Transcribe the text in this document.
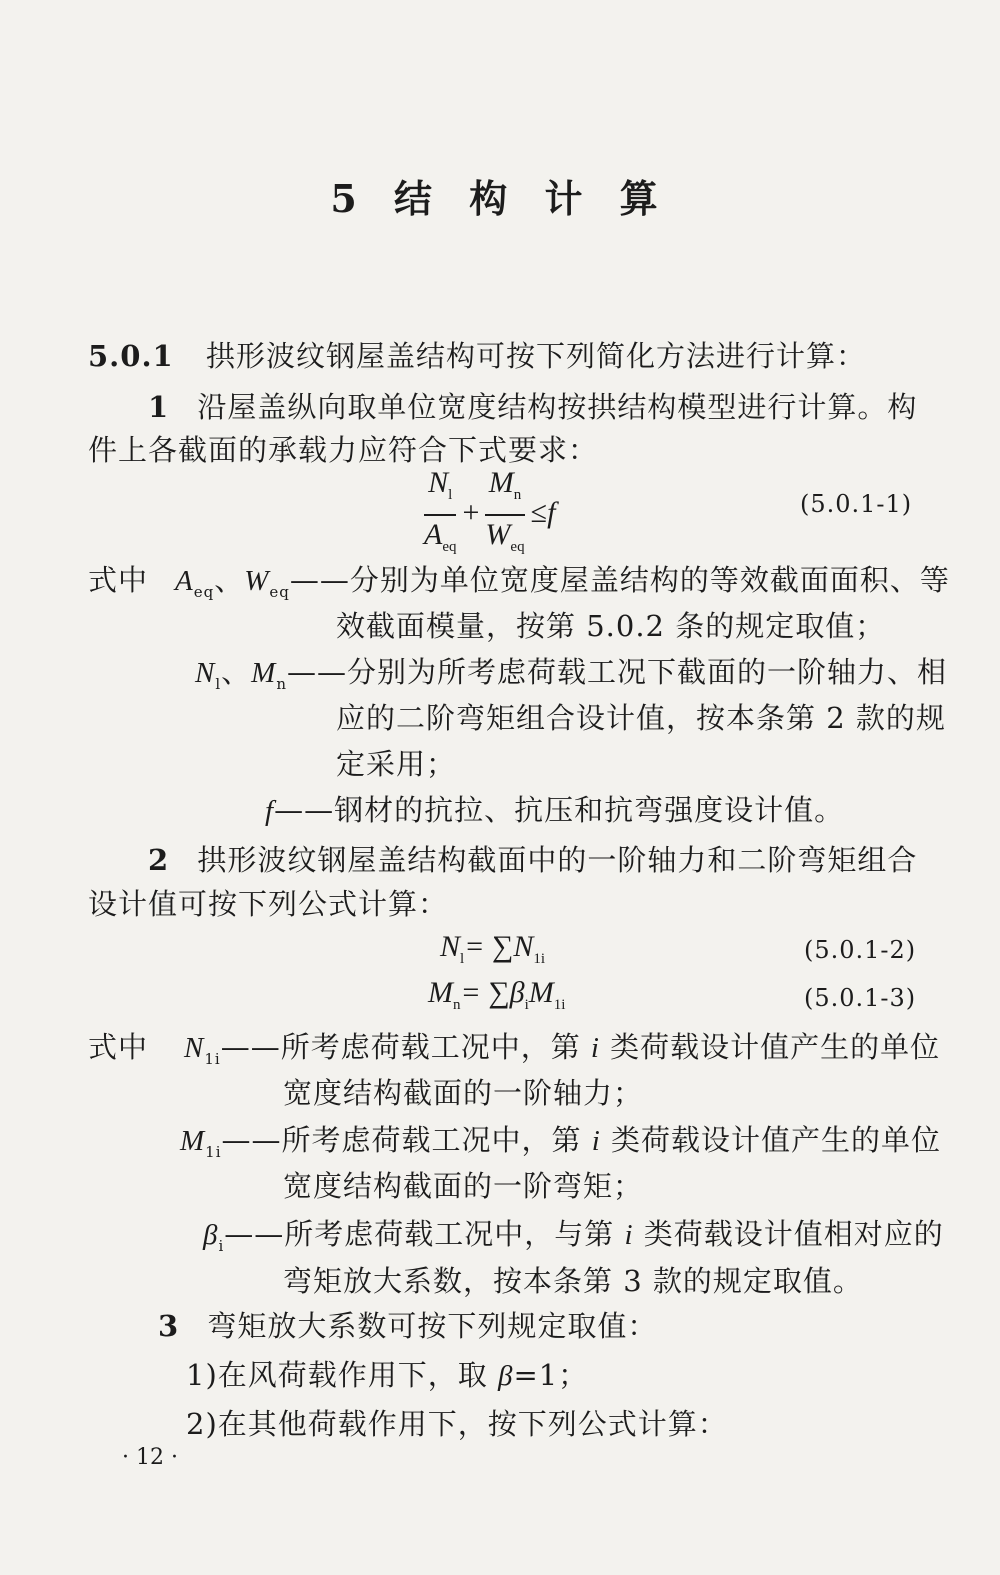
5 结 构 计 算
5.0.1 拱形波纹钢屋盖结构可按下列简化方法进行计算：
1 沿屋盖纵向取单位宽度结构按拱结构模型进行计算。构
件上各截面的承载力应符合下式要求：
$\frac{N_l}{A_{eq}} + \frac{M_n}{W_{eq}} \le f$	(5.0.1-1)
式中 $A_{eq}$、$W_{eq}——$分别为单位宽度屋盖结构的等效截面面积、等
效截面模量，按第 5.0.2 条的规定取值；
$N_l$、$M_n——$分别为所考虑荷载工况下截面的一阶轴力、相
应的二阶弯矩组合设计值，按本条第 2 款的规
定采用；
f——钢材的抗拉、抗压和抗弯强度设计值。
2 拱形波纹钢屋盖结构截面中的一阶轴力和二阶弯矩组合
设计值可按下列公式计算：
$N_l= \sum N_{1i}$	(5.0.1-2)
$M_n= \sum\beta_iM_{1i}$	(5.0.1-3)
式中 $N_{1i}——$所考虑荷载工况中，第 i 类荷载设计值产生的单位
宽度结构截面的一阶轴力；
$M_{1i}——$所考虑荷载工况中，第 i 类荷载设计值产生的单位
宽度结构截面的一阶弯矩；
$\beta_i——$所考虑荷载工况中，与第 i 类荷载设计值相对应的
弯矩放大系数，按本条第 3 款的规定取值。
3 弯矩放大系数可按下列规定取值：
1)在风荷载作用下，取 β=1；
2)在其他荷载作用下，按下列公式计算：
· 12 ·
